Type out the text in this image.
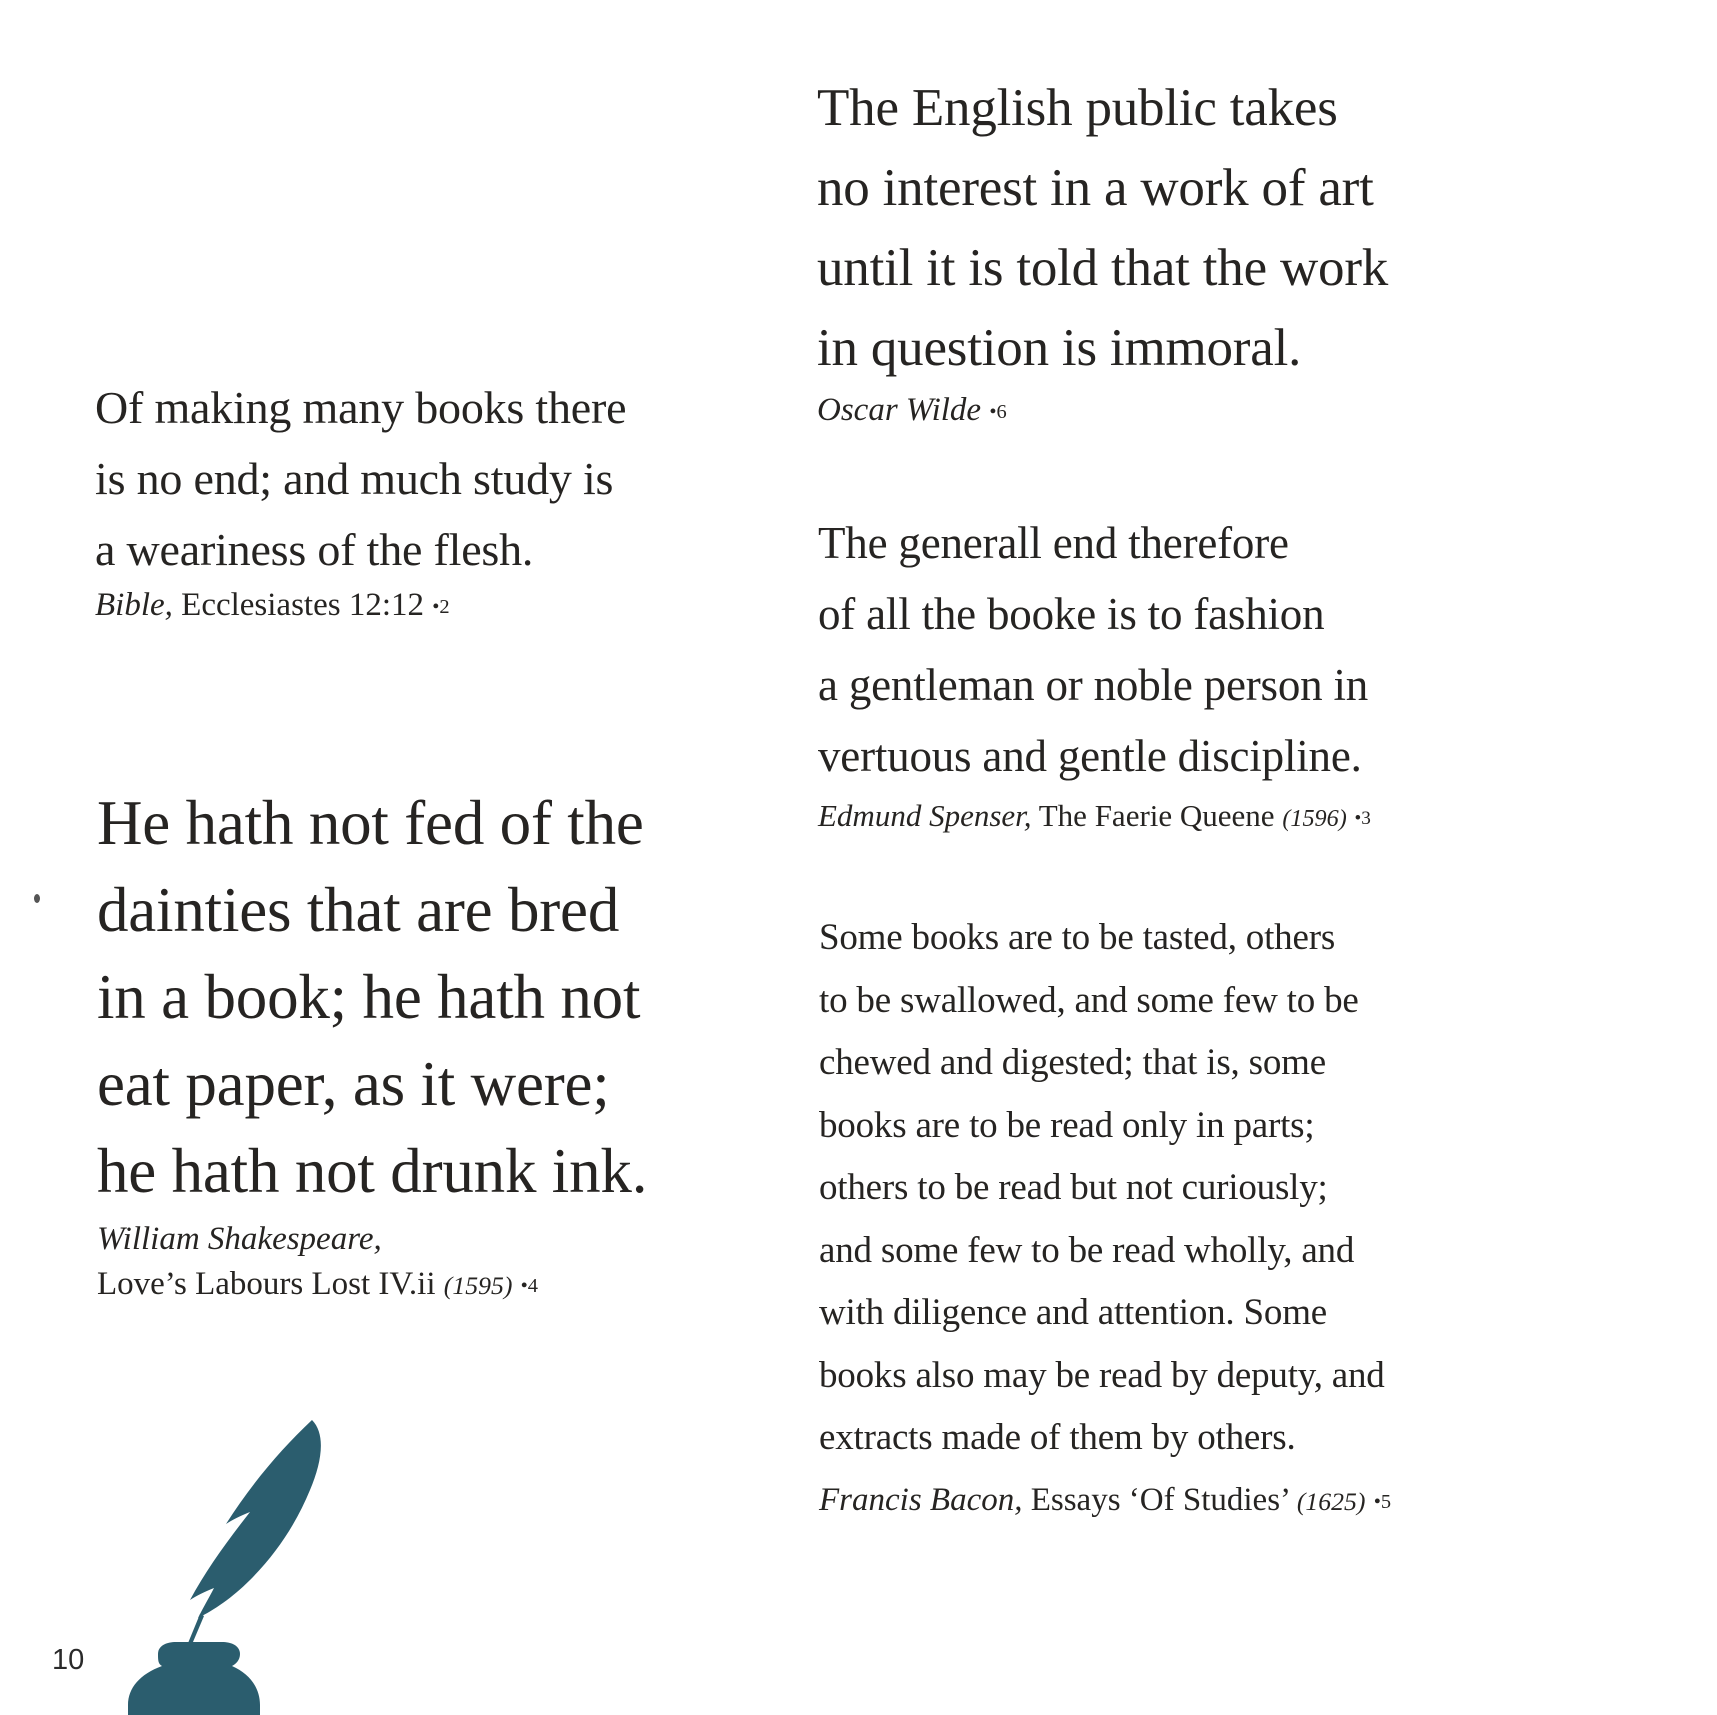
Of making many books there
is no end; and much study is
a weariness of the flesh.

Bible, Ecclesiastes 12:12 •2

He hath not fed of the
dainties that are bred
in a book; he hath not
eat paper, as it were;
he hath not drunk ink.

William Shakespeare,
Love’s Labours Lost IV.ii (1595) •4

The English public takes
no interest in a work of art
until it is told that the work
in question is immoral.

Oscar Wilde •6

The generall end therefore
of all the booke is to fashion
a gentleman or noble person in
vertuous and gentle discipline.

Edmund Spenser, The Faerie Queene (1596) •3

Some books are to be tasted, others
to be swallowed, and some few to be
chewed and digested; that is, some
books are to be read only in parts;
others to be read but not curiously;
and some few to be read wholly, and
with diligence and attention. Some
books also may be read by deputy, and
extracts made of them by others.

Francis Bacon, Essays ‘Of Studies’ (1625) •5
10
